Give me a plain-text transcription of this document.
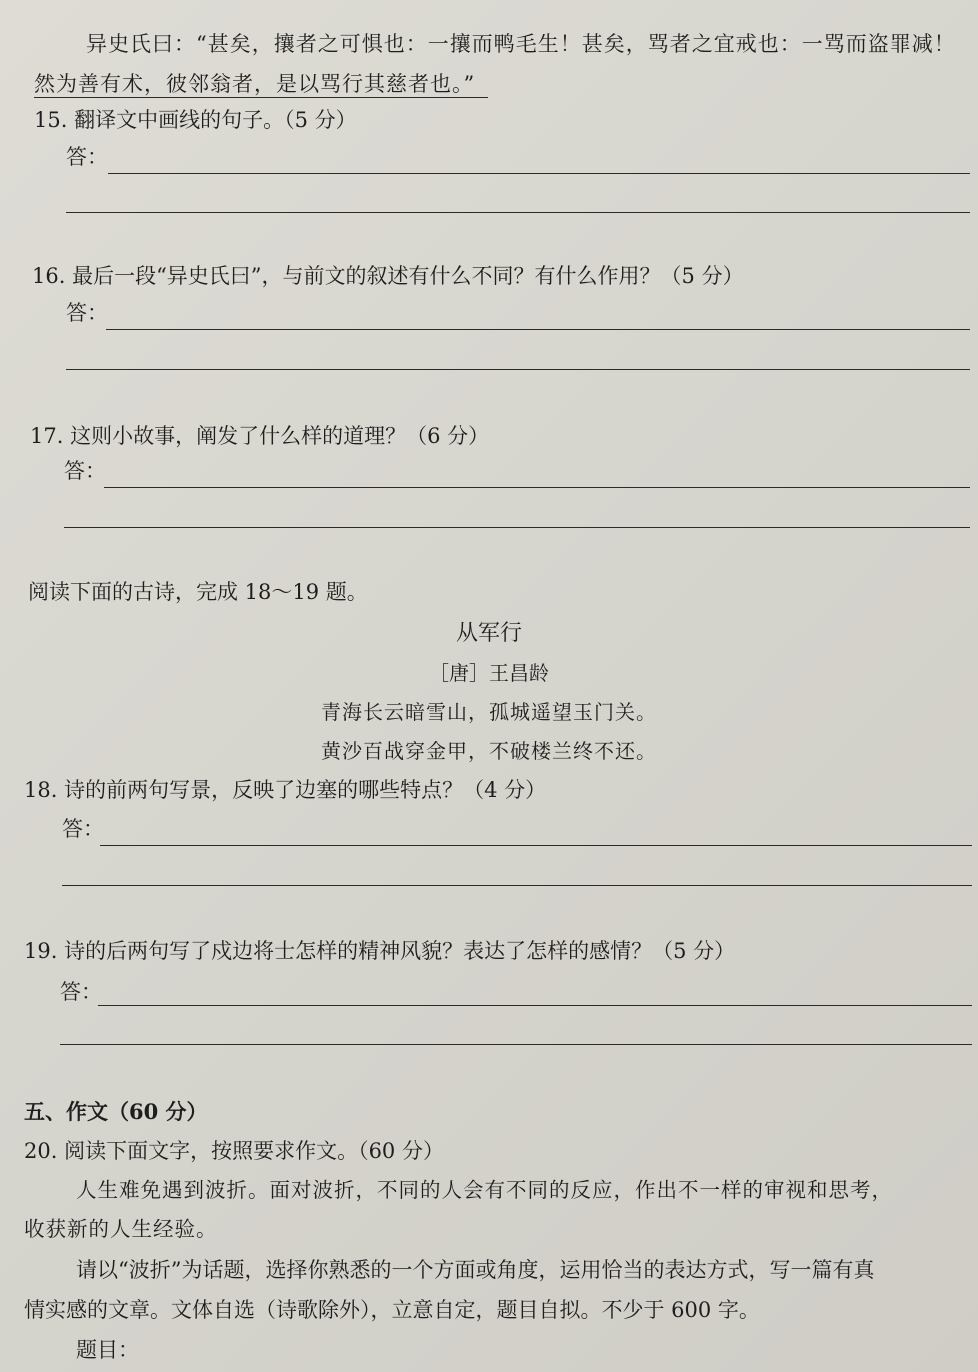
异史氏曰：“甚矣，攘者之可惧也：一攘而鸭毛生！甚矣，骂者之宜戒也：一骂而盗罪减！
然为善有术，彼邻翁者，是以骂行其慈者也。”
15. 翻译文中画线的句子。（5 分）
答：
16. 最后一段“异史氏曰”，与前文的叙述有什么不同？有什么作用？（5 分）
答：
17. 这则小故事，阐发了什么样的道理？（6 分）
答：
阅读下面的古诗，完成 18～19 题。
从军行
［唐］王昌龄
青海长云暗雪山，孤城遥望玉门关。
黄沙百战穿金甲，不破楼兰终不还。
18. 诗的前两句写景，反映了边塞的哪些特点？（4 分）
答：
19. 诗的后两句写了戍边将士怎样的精神风貌？表达了怎样的感情？（5 分）
答：
五、作文（60 分）
20. 阅读下面文字，按照要求作文。（60 分）
人生难免遇到波折。面对波折，不同的人会有不同的反应，作出不一样的审视和思考，
收获新的人生经验。
请以“波折”为话题，选择你熟悉的一个方面或角度，运用恰当的表达方式，写一篇有真
情实感的文章。文体自选（诗歌除外），立意自定，题目自拟。不少于 600 字。
题目：
